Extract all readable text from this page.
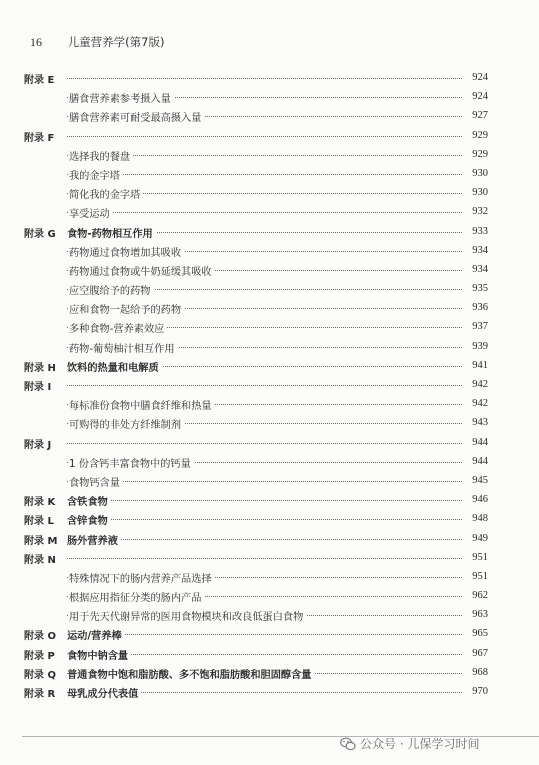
16 儿童营养学(第7版)
附录 E	924
膳食营养素参考摄入量	924
膳食营养素可耐受最高摄入量	927
附录 F	929
选择我的餐盘	929
我的金字塔	930
简化我的金字塔	930
享受运动	932
附录 G	食物-药物相互作用	933
药物通过食物增加其吸收	934
药物通过食物或牛奶延缓其吸收	934
应空腹给予的药物	935
应和食物一起给予的药物	936
多种食物-营养素效应	937
药物-葡萄柚汁相互作用	939
附录 H	饮料的热量和电解质	941
附录 I	942
每标准份食物中膳食纤维和热量	942
可购得的非处方纤维制剂	943
附录 J	944
1 份含钙丰富食物中的钙量	944
食物钙含量	945
附录 K	含铁食物	946
附录 L	含锌食物	948
附录 M 肠外营养液	949
附录 N	951
特殊情况下的肠内营养产品选择	951
根据应用指征分类的肠内产品	962
用于先天代谢异常的医用食物模块和改良低蛋白食物	963
附录 O	运动/营养棒	965
附录 P	食物中钠含量	967
附录 Q	普通食物中饱和脂肪酸、多不饱和脂肪酸和胆固醇含量	968
附录 R	母乳成分代表值	970
公众号 · 儿保学习时间
